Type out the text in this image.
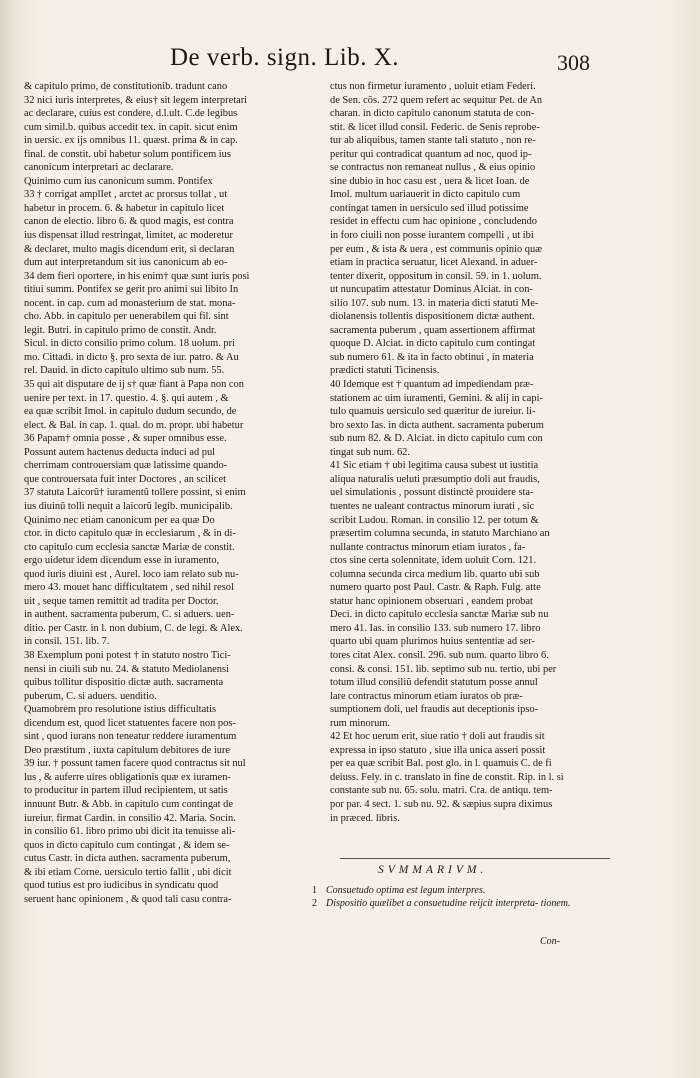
De verb. sign. Lib. X.	308
& capitulo primo, de constitutionib. tradunt cano
32 nici iuris interpretes, & eius† sit legem interpretari
ac declarare, cuius est condere, d.l.ult. C.de legibus
cum simil.b. quibus accedit tex. in capit. sicut enim
in uersic. ex ijs omnibus 11. quæst. prima & in cap.
final. de constit. ubi habetur solum pontificem ius
canonicum interpretari ac declarare.
Quinimo cum ius canonicum summ. Pontifex
33 † corrigat amplIet , arctet ac prorsus tollat , ut
habetur in procem. 6. & habetur in capitulo licet
canon de electio. libro 6. & quod magis, est contra
ius dispensat illud restringat, limitet, ac moderetur
& declaret, multo magis dicendum erit, si declaran
dum aut interpretandum sit ius canonicum ab eo-
34 dem fieri oportere, in his enim† quæ sunt iuris posi
titiui summ. Pontifex se gerit pro animi sui libito In
nocent. in cap. cum ad monasterium de stat. mona-
cho. Abb. in capitulo per uenerabilem qui fil. sint
legit. Butri. in capitulo primo de constit. Andr.
Sicul. in dicto consilio primo colum. 18 uolum. pri
mo. Cittadi. in dicto §. pro sexta de iur. patro. & Au
rel. Dauid. in dicto capitulo ultimo sub num. 55.
35 qui ait disputare de ij s† quæ fiant à Papa non con
uenire per text. in 17. questio. 4. §. qui autem , &
ea quæ scribit Imol. in capitulo dudum secundo, de
elect. & Bal. in cap. 1. qual. do m. propr. ubi habetur
36 Papam† omnia posse , & super omnibus esse.
Possunt autem hactenus deducta induci ad pul
cherrimam controuersiam quæ latissime quando-
que controuersata fuit inter Doctores , an scilicet
37 statuta Laicorũ† iuramentũ tollere possint, si enim
ius diuinũ tolli nequit a laicorũ legib. municipalib.
Quinimo nec etiam canonicum per ea quæ Do
ctor. in dicto capitulo quæ in ecclesiarum , & in di-
cto capitulo cum ecclesia sanctæ Mariæ de constit.
ergo uidetur idem dicendum esse in iuramento,
quod iuris diuini est , Aurel. loco iam relato sub nu-
mero 43. mouet hanc difficultatem , sed nihil resol
uit , seque tamen remittit ad tradita per Doctor.
in authent. sacramenta puberum, C. si aduers. uen-
ditio. per Castr. in l. non dubium, C. de legi. & Alex.
in consil. 151. lib. 7.
38 Exemplum poni potest † in statuto nostro Tici-
nensi in ciuili sub nu. 24. & statuto Mediolanensi
quibus tollitur dispositio dictæ auth. sacramenta
puberum, C. si aduers. uenditio.
Quamobrem pro resolutione istius difficultatis
dicendum est, quod licet statuentes facere non pos-
sint , quod iurans non teneatur reddere iuramentum
Deo præstitum , iuxta capitulum debitores de iure
39 iur. † possunt tamen facere quod contractus sit nul
lus , & auferre uires obligationis quæ ex iuramen-
to producitur in partem illud recipientem, ut satis
innuunt Butr. & Abb. in capitulo cum contingat de
iureiur. firmat Cardin. in consilio 42. Maria. Socin.
in consilio 61. libro primo ubi dicit ita tenuisse ali-
quos in dicto capitulo cum contingat , & idem se-
cutus Castr. in dicta authen. sacramenta puberum,
& ibi etiam Corne. uersiculo tertio fallit , ubi dicit
quod tutius est pro iudicibus in syndicatu quod
seruent hanc opinionem , & quod tali casu contra-
ctus non firmetur iuramento , uoluit etiam Federi.
de Sen. cõs. 272 quem refert ac sequitur Pet. de An
charan. in dicto capitulo canonum statuta de con-
stit. & licet illud consil. Federic. de Senis reprobe-
tur ab aliquibus, tamen stante tali statuto , non re-
peritur qui contradicat quantum ad noc, quod ip-
se contractus non remaneat nullus , & eius opinio
sine dubio in hoc casu est , uera & licet Ioan. de
Imol. multum uariauerit in dicto capitulo cum
contingat tamen in uersiculo sed illud potissime
residet in effectu cum hac opinione , concludendo
in foro ciuili non posse iurantem compelli , ut ibi
per eum , & ista & uera , est communis opinio quæ
etiam in practica seruatur, licet Alexand. in aduer-
tenter dixerit, oppositum in consil. 59. in 1. uolum.
ut nuncupatim attestatur Dominus Alciat. in con-
silio 107. sub num. 13. in materia dicti statuti Me-
diolanensis tollentis dispositionem dictæ authent.
sacramenta puberum , quam assertionem affirmat
quoque D. Alciat. in dicto capitulo cum contingat
sub numero 61. & ita in facto obtinui , in materia
prædicti statuti Ticinensis.
40 Idemque est † quantum ad impediendam præ-
stationem ac uim iuramenti, Gemini. & alij in capi-
tulo quamuis uersiculo sed quæritur de iureiur. li-
bro sexto Ias. in dicta authent. sacramenta puberum
sub num 82. & D. Alciat. in dicto capitulo cum con
tingat sub num. 62.
41 Sic etiam † ubi legitima causa subest ut iustitia
aliqua naturalis ueluti præsumptio doli aut fraudis,
uel simulationis , possunt distinctè prouidere sta-
tuentes ne ualeant contractus minorum iurati , sic
scribit Ludou. Roman. in consilio 12. per totum &
præsertim columna secunda, in statuto Marchiano an
nullante contractus minorum etiam iuratos , fa-
ctos sine certa solennitate, idem uoluit Corn. 121.
columna secunda circa medium lib. quarto ubi sub
numero quarto post Paul. Castr. & Raph. Fulg. atte
statur hanc opinionem obseruari , eandem probat
Deci. in dicto capitulo ecclesia sanctæ Mariæ sub nu
mero 41. Ias. in consilio 133. sub numero 17. libro
quarto ubi quam plurimos huius sententiæ ad ser-
tores citat Alex. consil. 296. sub num. quarto libro 6.
consi. & consi. 151. lib. septimo sub nu. tertio, ubi per
totum illud consiliũ defendit statutum posse annul
lare contractus minorum etiam iuratos ob præ-
sumptionem doli, uel fraudis aut deceptionis ipso-
rum minorum.
42 Et hoc uerum erit, siue ratio † doli aut fraudis sit
expressa in ipso statuto , siue illa unica asseri possit
per ea quæ scribit Bal. post glo. in l. quamuis C. de fi
deiuss. Fely. in c. translato in fine de constit. Rip. in l. si
constante sub nu. 65. solu. matri. Cra. de antiqu. tem-
por par. 4 sect. 1. sub nu. 92. & sæpius supra diximus
in præced. libris.
SVMMARIVM.
1 Consuetudo optima est legum interpres.
2 Dispositio quælibet a consuetudine reijcit interpreta- tionem.
Con-
